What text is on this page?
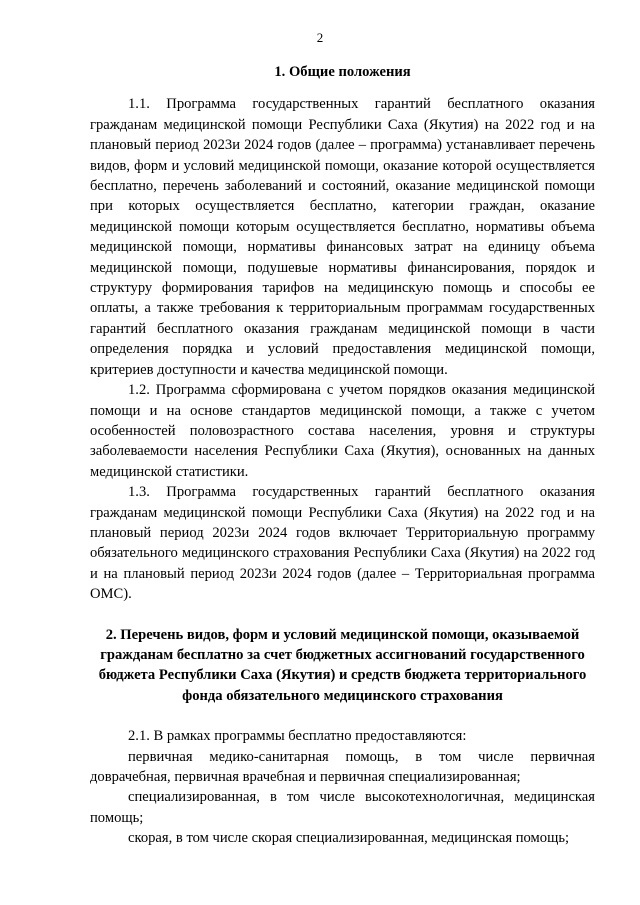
2
1. Общие положения

1.1. Программа государственных гарантий бесплатного оказания гражданам медицинской помощи Республики Саха (Якутия) на 2022 год и на плановый период 2023и 2024 годов (далее – программа) устанавливает перечень видов, форм и условий медицинской помощи, оказание которой осуществляется бесплатно, перечень заболеваний и состояний, оказание медицинской помощи при которых осуществляется бесплатно, категории граждан, оказание медицинской помощи которым осуществляется бесплатно, нормативы объема медицинской помощи, нормативы финансовых затрат на единицу объема медицинской помощи, подушевые нормативы финансирования, порядок и структуру формирования тарифов на медицинскую помощь и способы ее оплаты, а также требования к территориальным программам государственных гарантий бесплатного оказания гражданам медицинской помощи в части определения порядка и условий предоставления медицинской помощи, критериев доступности и качества медицинской помощи.

1.2. Программа сформирована с учетом порядков оказания медицинской помощи и на основе стандартов медицинской помощи, а также с учетом особенностей половозрастного состава населения, уровня и структуры заболеваемости населения Республики Саха (Якутия), основанных на данных медицинской статистики.

1.3. Программа государственных гарантий бесплатного оказания гражданам медицинской помощи Республики Саха (Якутия) на 2022 год и на плановый период 2023и 2024 годов включает Территориальную программу обязательного медицинского страхования Республики Саха (Якутия) на 2022 год и на плановый период 2023и 2024 годов (далее – Территориальная программа ОМС).

2. Перечень видов, форм и условий медицинской помощи, оказываемой гражданам бесплатно за счет бюджетных ассигнований государственного бюджета Республики Саха (Якутия) и средств бюджета территориального фонда обязательного медицинского страхования

2.1. В рамках программы бесплатно предоставляются:

первичная медико-санитарная помощь, в том числе первичная доврачебная, первичная врачебная и первичная специализированная;

специализированная, в том числе высокотехнологичная, медицинская помощь;

скорая, в том числе скорая специализированная, медицинская помощь;
